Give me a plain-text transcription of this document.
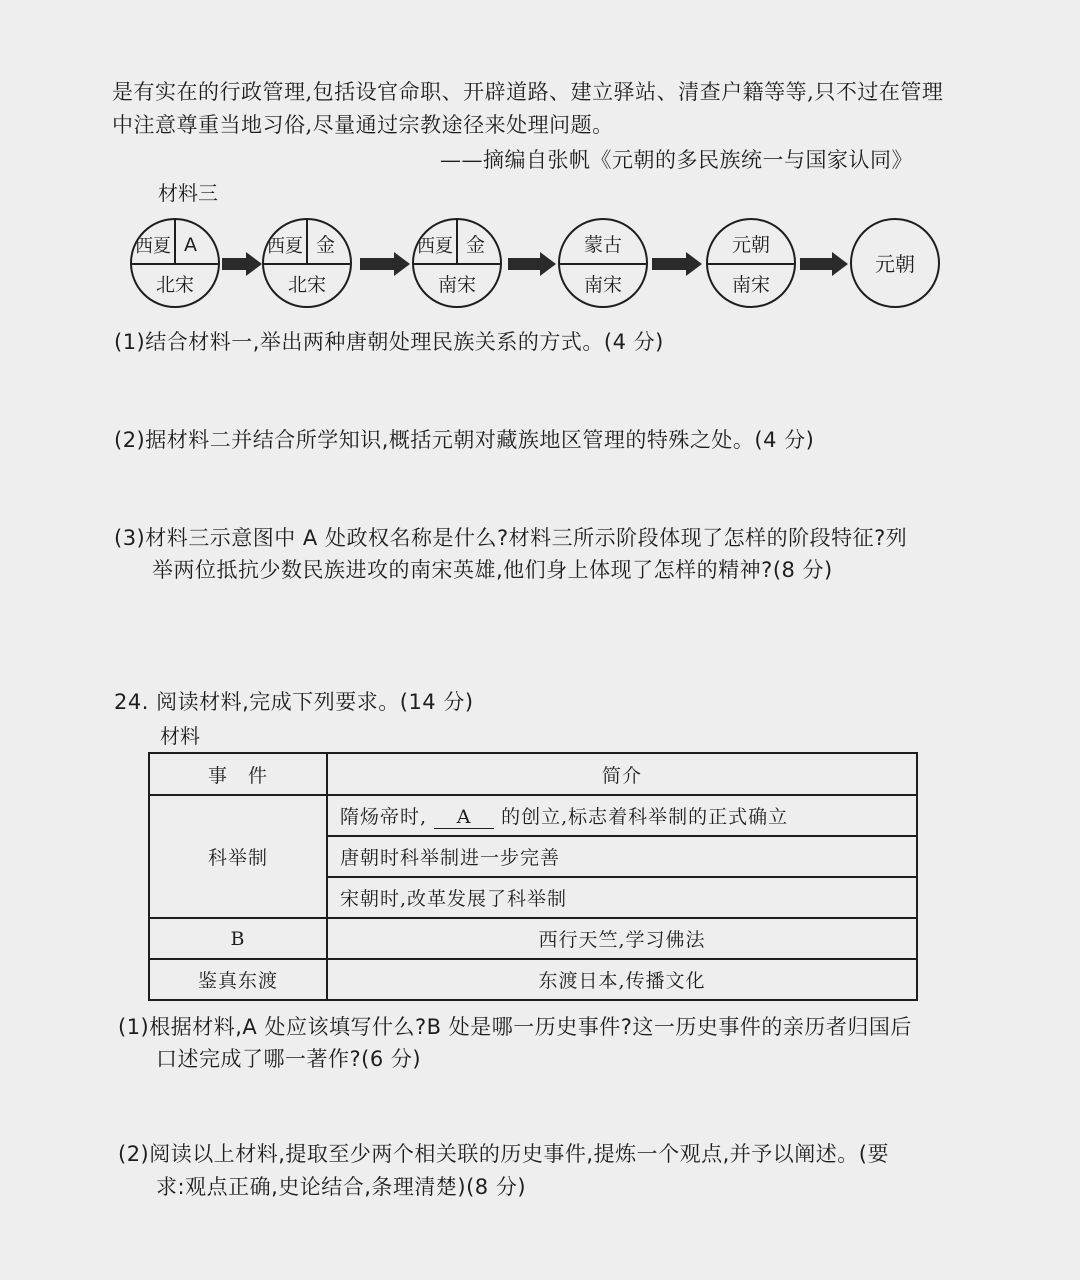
是有实在的行政管理,包括设官命职、开辟道路、建立驿站、清查户籍等等,只不过在管理
中注意尊重当地习俗,尽量通过宗教途径来处理问题。
——摘编自张帆《元朝的多民族统一与国家认同》
材料三
西夏 A
北宋
西夏 金
北宋
西夏 金
南宋
蒙古
南宋
元朝
南宋
元朝
(1)结合材料一,举出两种唐朝处理民族关系的方式。(4 分)
(2)据材料二并结合所学知识,概括元朝对藏族地区管理的特殊之处。(4 分)
(3)材料三示意图中 A 处政权名称是什么?材料三所示阶段体现了怎样的阶段特征?列
举两位抵抗少数民族进攻的南宋英雄,他们身上体现了怎样的精神?(8 分)
24. 阅读材料,完成下列要求。(14 分)
材料
事　件	简介
科举制	隋炀帝时, A 的创立,标志着科举制的正式确立
	唐朝时科举制进一步完善
	宋朝时,改革发展了科举制
B	西行天竺,学习佛法
鉴真东渡	东渡日本,传播文化
(1)根据材料,A 处应该填写什么?B 处是哪一历史事件?这一历史事件的亲历者归国后
口述完成了哪一著作?(6 分)
(2)阅读以上材料,提取至少两个相关联的历史事件,提炼一个观点,并予以阐述。(要
求:观点正确,史论结合,条理清楚)(8 分)
